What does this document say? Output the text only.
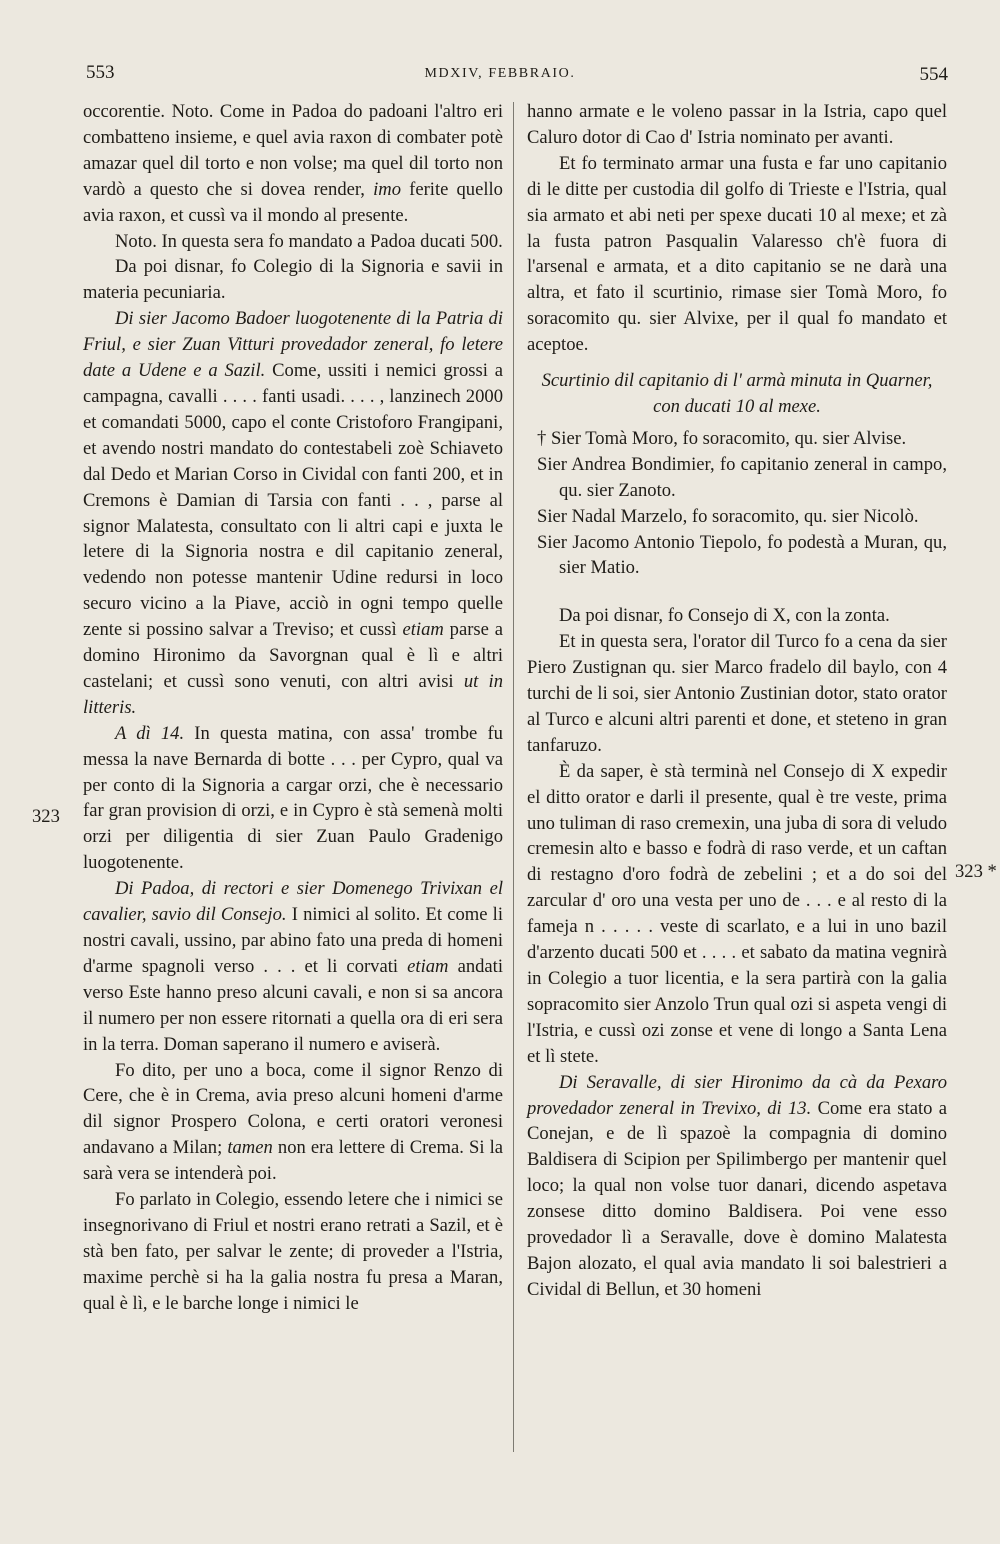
553	MDXIV, FEBBRAIO.	554
323
323 *

occorentie. Noto. Come in Padoa do padoani l'altro eri combatteno insieme, e quel avia raxon di combater potè amazar quel dil torto e non volse; ma quel dil torto non vardò a questo che si dovea render, imo ferite quello avia raxon, et cussì va il mondo al presente.

Noto. In questa sera fo mandato a Padoa ducati 500.

Da poi disnar, fo Colegio di la Signoria e savii in materia pecuniaria.

Di sier Jacomo Badoer luogotenente di la Patria di Friul, e sier Zuan Vitturi provedador zeneral, fo letere date a Udene e a Sazil. Come, ussiti i nemici grossi a campagna, cavalli . . . . fanti usadi. . . . , lanzinech 2000 et comandati 5000, capo el conte Cristoforo Frangipani, et avendo nostri mandato do contestabeli zoè Schiaveto dal Dedo et Marian Corso in Cividal con fanti 200, et in Cremons è Damian di Tarsia con fanti . . , parse al signor Malatesta, consultato con li altri capi e juxta le letere di la Signoria nostra e dil capitanio zeneral, vedendo non potesse mantenir Udine redursi in loco securo vicino a la Piave, acciò in ogni tempo quelle zente si possino salvar a Treviso; et cussì etiam parse a domino Hironimo da Savorgnan qual è lì e altri castelani; et cussì sono venuti, con altri avisi ut in litteris.

A dì 14. In questa matina, con assa' trombe fu messa la nave Bernarda di botte . . . per Cypro, qual va per conto di la Signoria a cargar orzi, che è necessario far gran provision di orzi, e in Cypro è stà semenà molti orzi per diligentia di sier Zuan Paulo Gradenigo luogotenente.

Di Padoa, di rectori e sier Domenego Trivixan el cavalier, savio dil Consejo. I nimici al solito. Et come li nostri cavali, ussino, par abino fato una preda di homeni d'arme spagnoli verso . . . et li corvati etiam andati verso Este hanno preso alcuni cavali, e non si sa ancora il numero per non essere ritornati a quella ora di eri sera in la terra. Doman saperano il numero e aviserà.

Fo dito, per uno a boca, come il signor Renzo di Cere, che è in Crema, avia preso alcuni homeni d'arme dil signor Prospero Colona, e certi oratori veronesi andavano a Milan; tamen non era lettere di Crema. Si la sarà vera se intenderà poi.

Fo parlato in Colegio, essendo letere che i nimici se insegnorivano di Friul et nostri erano retrati a Sazil, et è stà ben fato, per salvar le zente; di proveder a l'Istria, maxime perchè si ha la galia nostra fu presa a Maran, qual è lì, e le barche longe i nimici le

hanno armate e le voleno passar in la Istria, capo quel Caluro dotor di Cao d' Istria nominato per avanti.

Et fo terminato armar una fusta e far uno capitanio di le ditte per custodia dil golfo di Trieste e l'Istria, qual sia armato et abi neti per spexe ducati 10 al mexe; et zà la fusta patron Pasqualin Valaresso ch'è fuora di l'arsenal e armata, et a dito capitanio se ne darà una altra, et fato il scurtinio, rimase sier Tomà Moro, fo soracomito qu. sier Alvixe, per il qual fo mandato et aceptoe.

Scurtinio dil capitanio di l' armà minuta in Quarner, con ducati 10 al mexe.

† Sier Tomà Moro, fo soracomito, qu. sier Alvise.

Sier Andrea Bondimier, fo capitanio zeneral in campo, qu. sier Zanoto.

Sier Nadal Marzelo, fo soracomito, qu. sier Nicolò.

Sier Jacomo Antonio Tiepolo, fo podestà a Muran, qu, sier Matio.

Da poi disnar, fo Consejo di X, con la zonta.

Et in questa sera, l'orator dil Turco fo a cena da sier Piero Zustignan qu. sier Marco fradelo dil baylo, con 4 turchi de li soi, sier Antonio Zustinian dotor, stato orator al Turco e alcuni altri parenti et done, et steteno in gran tanfaruzo.

È da saper, è stà terminà nel Consejo di X expedir el ditto orator e darli il presente, qual è tre veste, prima uno tuliman di raso cremexin, una juba di sora di veludo cremesin alto e basso e fodrà di raso verde, et un caftan di restagno d'oro fodrà de zebelini ; et a do soi del zarcular d' oro una vesta per uno de . . . e al resto di la fameja n . . . . . veste di scarlato, e a lui in uno bazil d'arzento ducati 500 et . . . . et sabato da matina vegnirà in Colegio a tuor licentia, e la sera partirà con la galia sopracomito sier Anzolo Trun qual ozi si aspeta vengi di l'Istria, e cussì ozi zonse et vene di longo a Santa Lena et lì stete.

Di Seravalle, di sier Hironimo da cà da Pexaro provedador zeneral in Trevixo, di 13. Come era stato a Conejan, e de lì spazoè la compagnia di domino Baldisera di Scipion per Spilimbergo per mantenir quel loco; la qual non volse tuor danari, dicendo aspetava zonsese ditto domino Baldisera. Poi vene esso provedador lì a Seravalle, dove è domino Malatesta Bajon alozato, el qual avia mandato li soi balestrieri a Cividal di Bellun, et 30 homeni
